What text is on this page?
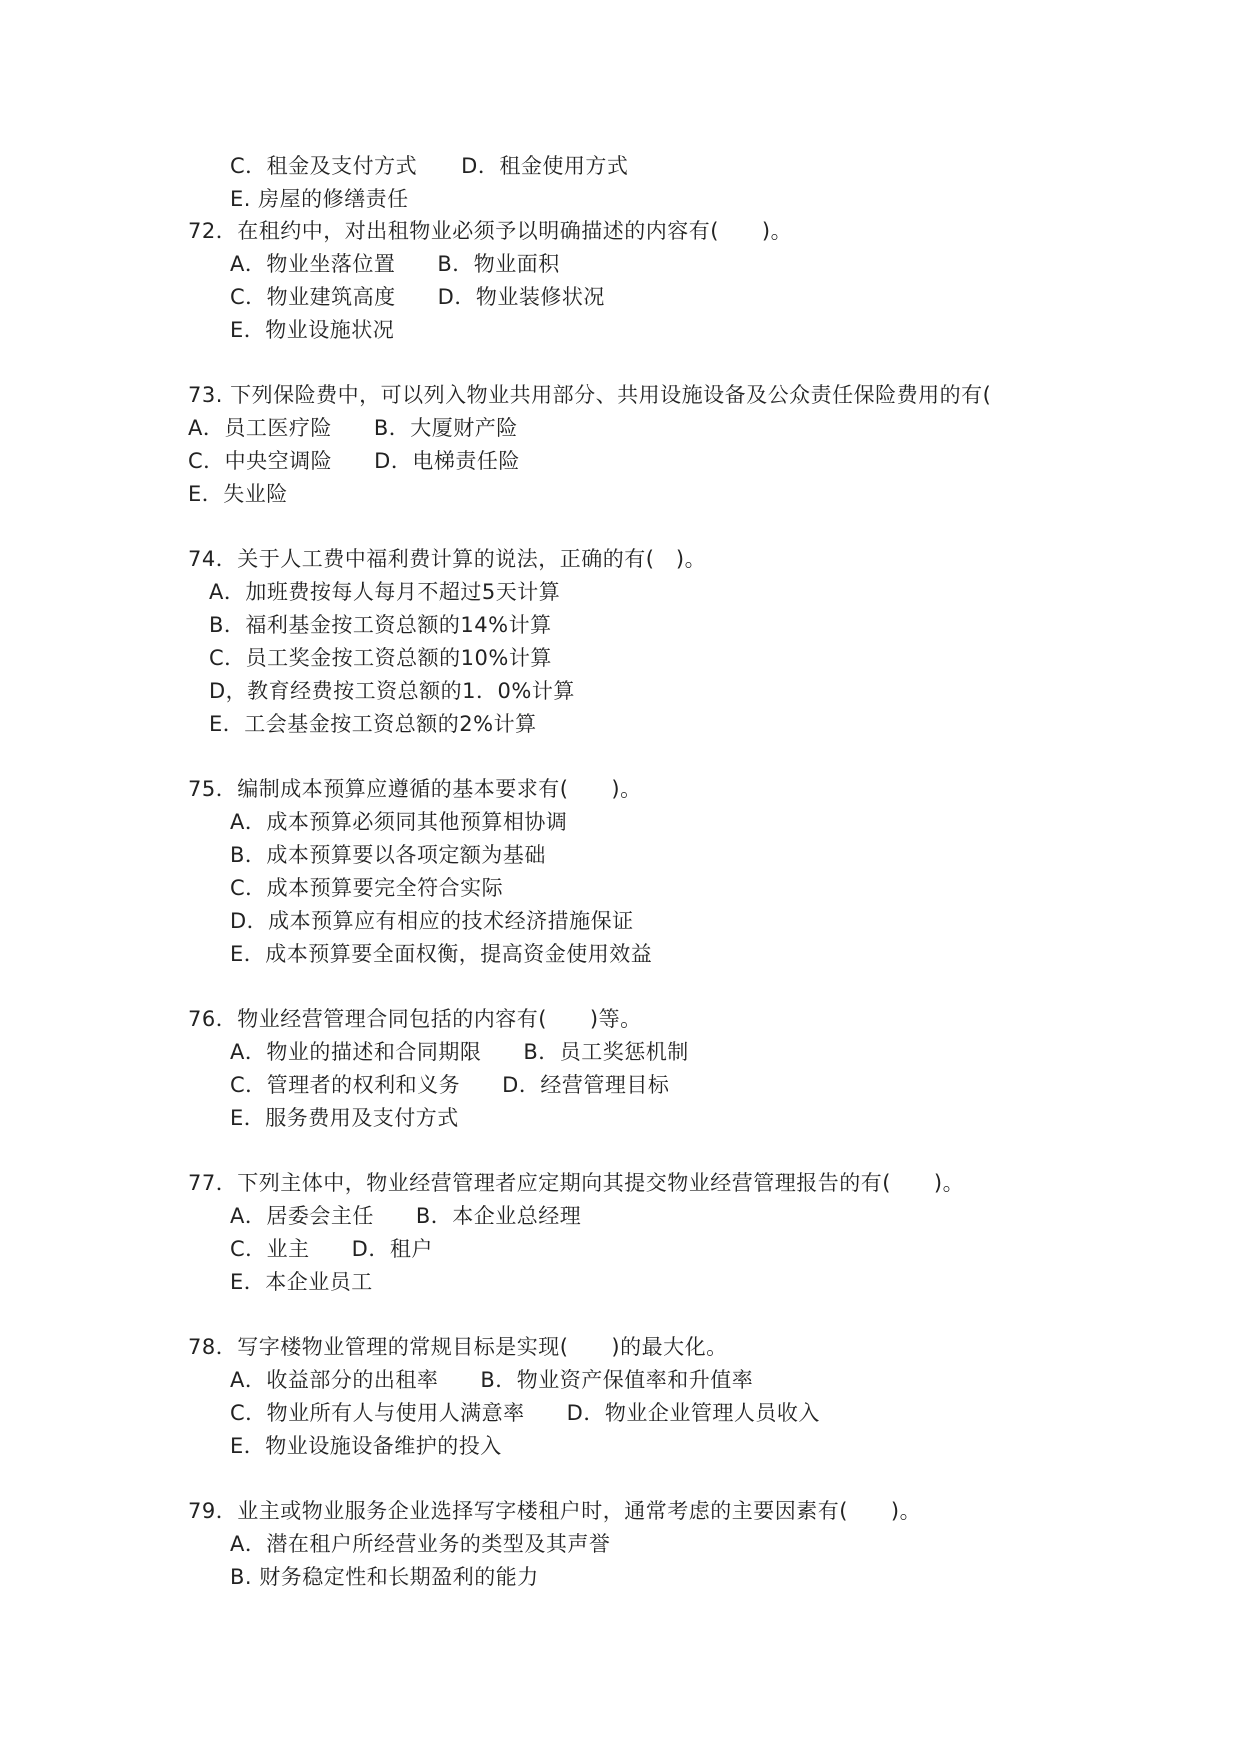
C．租金及支付方式 D．租金使用方式
E. 房屋的修缮责任
72．在租约中，对出租物业必须予以明确描述的内容有(　　)。
A．物业坐落位置 B．物业面积
C．物业建筑高度 D．物业装修状况
E．物业设施状况
73. 下列保险费中，可以列入物业共用部分、共用设施设备及公众责任保险费用的有(
A．员工医疗险 B．大厦财产险
C．中央空调险 D．电梯责任险
E．失业险
74．关于人工费中福利费计算的说法，正确的有(　)。
A．加班费按每人每月不超过5天计算
B．福利基金按工资总额的14%计算
C．员工奖金按工资总额的10%计算
D，教育经费按工资总额的1．0%计算
E．工会基金按工资总额的2%计算
75．编制成本预算应遵循的基本要求有(　　)。
A．成本预算必须同其他预算相协调
B．成本预算要以各项定额为基础
C．成本预算要完全符合实际
D．成本预算应有相应的技术经济措施保证
E．成本预算要全面权衡，提高资金使用效益
76．物业经营管理合同包括的内容有(　　)等。
A．物业的描述和合同期限 B．员工奖惩机制
C．管理者的权利和义务 D．经营管理目标
E．服务费用及支付方式
77．下列主体中，物业经营管理者应定期向其提交物业经营管理报告的有(　　)。
A．居委会主任 B．本企业总经理
C．业主 D．租户
E．本企业员工
78．写字楼物业管理的常规目标是实现(　　)的最大化。
A．收益部分的出租率 B．物业资产保值率和升值率
C．物业所有人与使用人满意率 D．物业企业管理人员收入
E．物业设施设备维护的投入
79．业主或物业服务企业选择写字楼租户时，通常考虑的主要因素有(　　)。
A．潜在租户所经营业务的类型及其声誉
B. 财务稳定性和长期盈利的能力
